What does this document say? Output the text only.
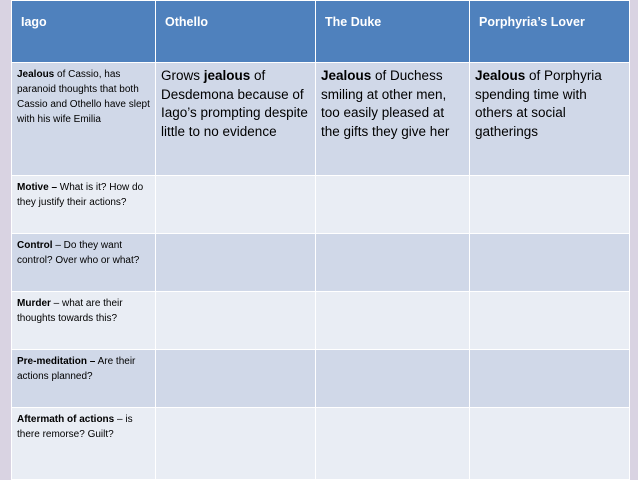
Iago	Othello	The Duke	Porphyria’s Lover
Jealous of Cassio, has paranoid thoughts that both Cassio and Othello have slept with his wife Emilia	Grows jealous of Desdemona because of Iago’s prompting despite little to no evidence	Jealous of Duchess smiling at other men, too easily pleased at the gifts they give her	Jealous of Porphyria spending time with others at social gatherings
Motive – What is it? How do they justify their actions?			
Control – Do they want control? Over who or what?			
Murder – what are their thoughts towards this?			
Pre-meditation – Are their actions planned?			
Aftermath of actions – is there remorse? Guilt?			
